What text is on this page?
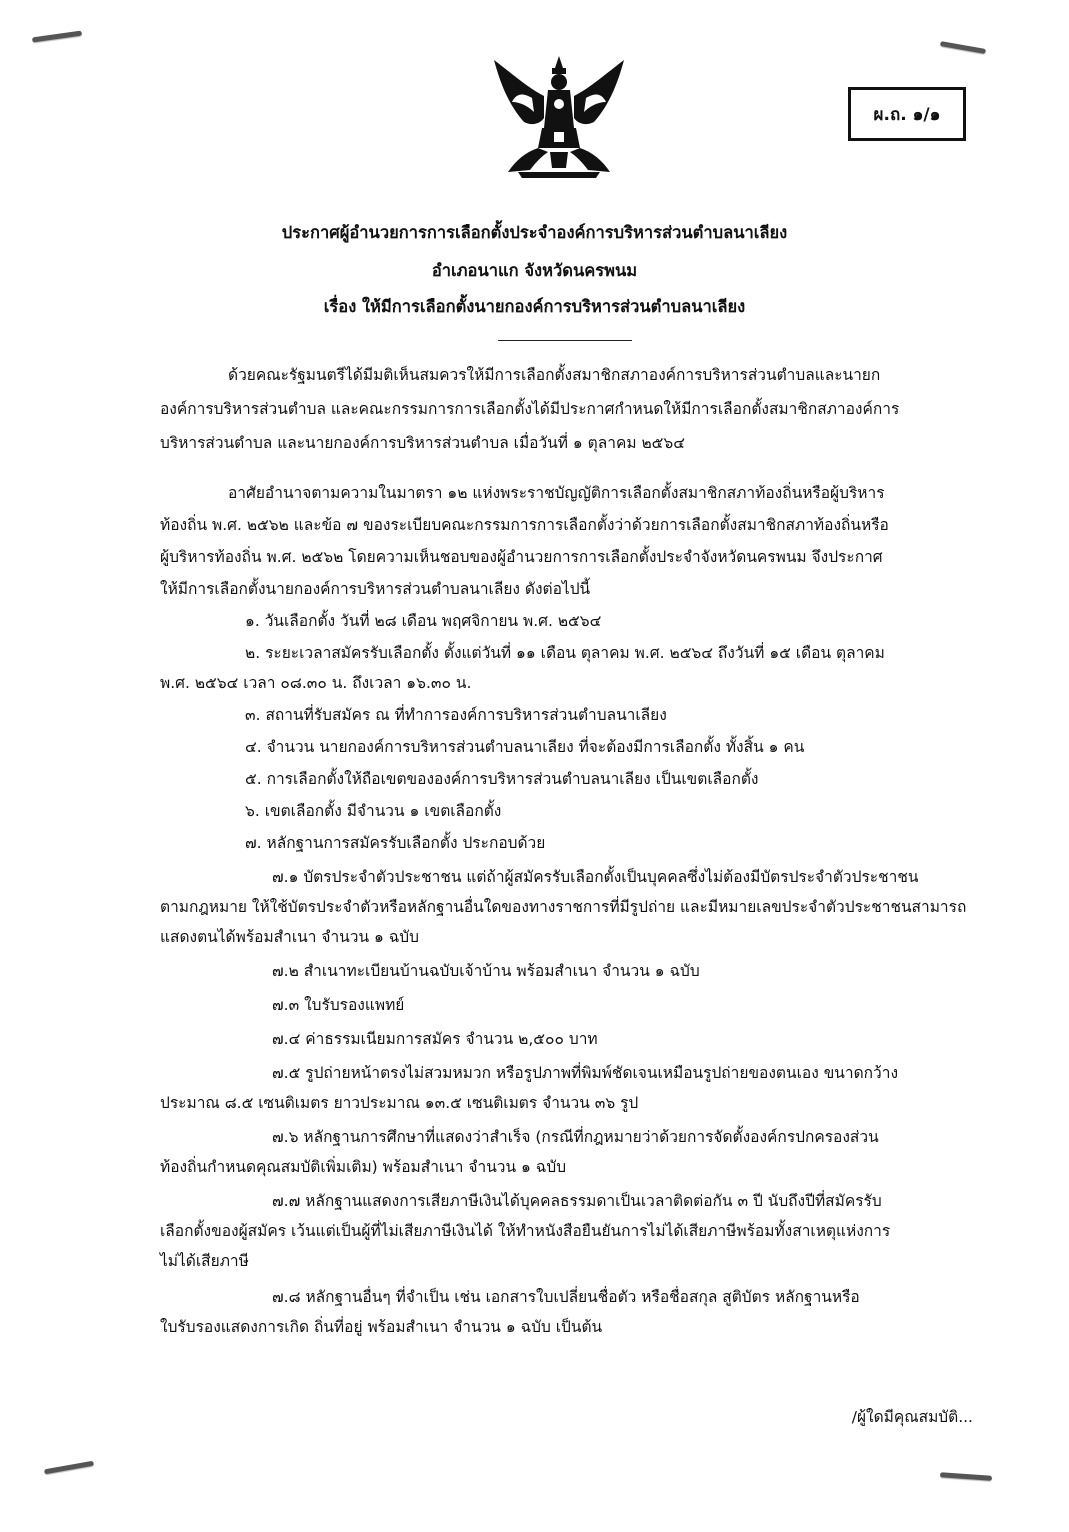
ผ.ถ. ๑/๑
ประกาศผู้อำนวยการการเลือกตั้งประจำองค์การบริหารส่วนตำบลนาเลียง
อำเภอนาแก จังหวัดนครพนม
เรื่อง ให้มีการเลือกตั้งนายกองค์การบริหารส่วนตำบลนาเลียง
ด้วยคณะรัฐมนตรีได้มีมติเห็นสมควรให้มีการเลือกตั้งสมาชิกสภาองค์การบริหารส่วนตำบลและนายก
องค์การบริหารส่วนตำบล และคณะกรรมการการเลือกตั้งได้มีประกาศกำหนดให้มีการเลือกตั้งสมาชิกสภาองค์การ
บริหารส่วนตำบล และนายกองค์การบริหารส่วนตำบล เมื่อวันที่ ๑ ตุลาคม ๒๕๖๔
อาศัยอำนาจตามความในมาตรา ๑๒ แห่งพระราชบัญญัติการเลือกตั้งสมาชิกสภาท้องถิ่นหรือผู้บริหาร
ท้องถิ่น พ.ศ. ๒๕๖๒ และข้อ ๗ ของระเบียบคณะกรรมการการเลือกตั้งว่าด้วยการเลือกตั้งสมาชิกสภาท้องถิ่นหรือ
ผู้บริหารท้องถิ่น พ.ศ. ๒๕๖๒ โดยความเห็นชอบของผู้อำนวยการการเลือกตั้งประจำจังหวัดนครพนม จึงประกาศ
ให้มีการเลือกตั้งนายกองค์การบริหารส่วนตำบลนาเลียง ดังต่อไปนี้
๑. วันเลือกตั้ง วันที่ ๒๘ เดือน พฤศจิกายน พ.ศ. ๒๕๖๔
๒. ระยะเวลาสมัครรับเลือกตั้ง ตั้งแต่วันที่ ๑๑ เดือน ตุลาคม พ.ศ. ๒๕๖๔ ถึงวันที่ ๑๕ เดือน ตุลาคม
พ.ศ. ๒๕๖๔ เวลา ๐๘.๓๐ น. ถึงเวลา ๑๖.๓๐ น.
๓. สถานที่รับสมัคร ณ ที่ทำการองค์การบริหารส่วนตำบลนาเลียง
๔. จำนวน นายกองค์การบริหารส่วนตำบลนาเลียง ที่จะต้องมีการเลือกตั้ง ทั้งสิ้น ๑ คน
๕. การเลือกตั้งให้ถือเขตขององค์การบริหารส่วนตำบลนาเลียง เป็นเขตเลือกตั้ง
๖. เขตเลือกตั้ง มีจำนวน ๑ เขตเลือกตั้ง
๗. หลักฐานการสมัครรับเลือกตั้ง ประกอบด้วย
๗.๑ บัตรประจำตัวประชาชน แต่ถ้าผู้สมัครรับเลือกตั้งเป็นบุคคลซึ่งไม่ต้องมีบัตรประจำตัวประชาชน
ตามกฎหมาย ให้ใช้บัตรประจำตัวหรือหลักฐานอื่นใดของทางราชการที่มีรูปถ่าย และมีหมายเลขประจำตัวประชาชนสามารถ
แสดงตนได้พร้อมสำเนา จำนวน ๑ ฉบับ
๗.๒ สำเนาทะเบียนบ้านฉบับเจ้าบ้าน พร้อมสำเนา จำนวน ๑ ฉบับ
๗.๓ ใบรับรองแพทย์
๗.๔ ค่าธรรมเนียมการสมัคร จำนวน ๒,๕๐๐ บาท
๗.๕ รูปถ่ายหน้าตรงไม่สวมหมวก หรือรูปภาพที่พิมพ์ชัดเจนเหมือนรูปถ่ายของตนเอง ขนาดกว้าง
ประมาณ ๘.๕ เซนติเมตร ยาวประมาณ ๑๓.๕ เซนติเมตร จำนวน ๓๖ รูป
๗.๖ หลักฐานการศึกษาที่แสดงว่าสำเร็จ (กรณีที่กฎหมายว่าด้วยการจัดตั้งองค์กรปกครองส่วน
ท้องถิ่นกำหนดคุณสมบัติเพิ่มเติม) พร้อมสำเนา จำนวน ๑ ฉบับ
๗.๗ หลักฐานแสดงการเสียภาษีเงินได้บุคคลธรรมดาเป็นเวลาติดต่อกัน ๓ ปี นับถึงปีที่สมัครรับ
เลือกตั้งของผู้สมัคร เว้นแต่เป็นผู้ที่ไม่เสียภาษีเงินได้ ให้ทำหนังสือยืนยันการไม่ได้เสียภาษีพร้อมทั้งสาเหตุแห่งการ
ไม่ได้เสียภาษี
๗.๘ หลักฐานอื่นๆ ที่จำเป็น เช่น เอกสารใบเปลี่ยนชื่อตัว หรือชื่อสกุล สูติบัตร หลักฐานหรือ
ใบรับรองแสดงการเกิด ถิ่นที่อยู่ พร้อมสำเนา จำนวน ๑ ฉบับ เป็นต้น
/ผู้ใดมีคุณสมบัติ...
